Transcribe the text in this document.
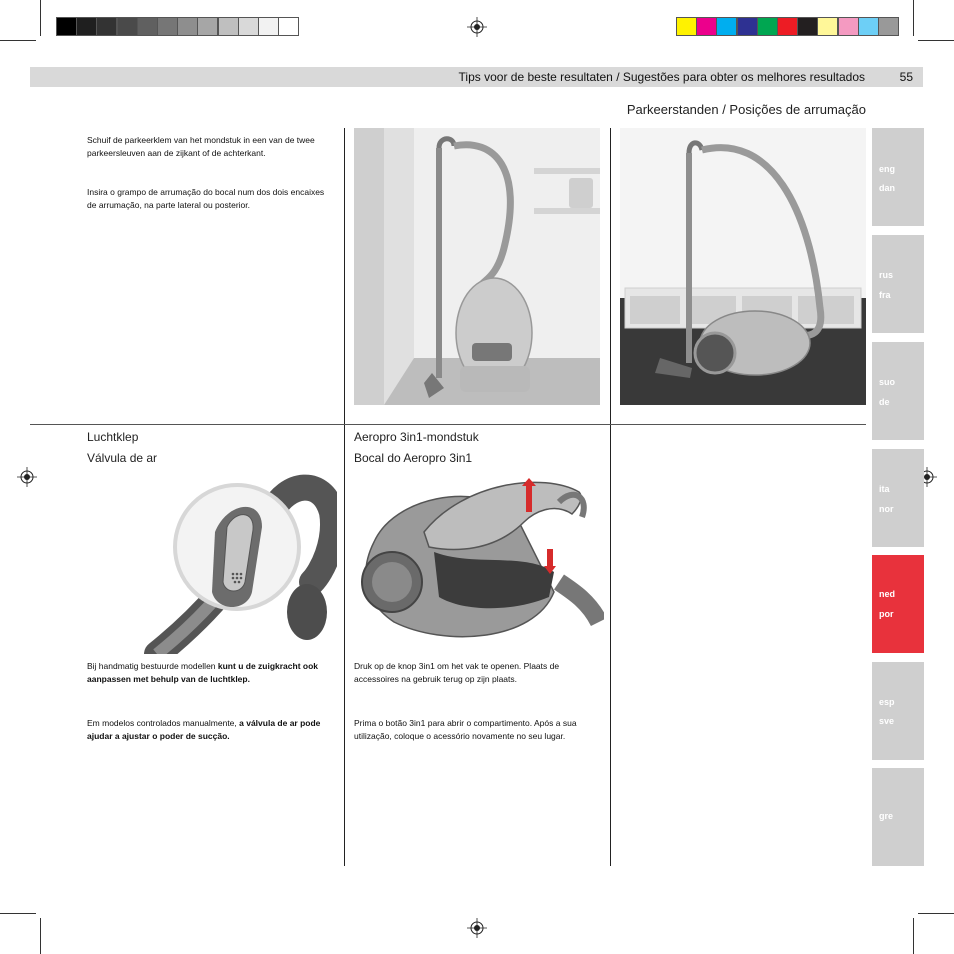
Tips voor de beste resultaten / Sugestões para obter os melhores resultados	55
Parkeerstanden / Posições de arrumação
eng
dan
rus
fra
suo
de
ita
nor
ned
por
esp
sve
gre
Schuif de parkeerklem van het mondstuk in een van de twee parkeersleuven aan de zijkant of de achterkant.
Insira o grampo de arrumação do bocal num dos dois encaixes de arrumação, na parte lateral ou posterior.
Luchtklep
Válvula de ar
Bij handmatig bestuurde modellen kunt u de zuigkracht ook aanpassen met behulp van de luchtklep.
Em modelos controlados manualmente, a válvula de ar pode ajudar a ajustar o poder de sucção.
Aeropro 3in1-mondstuk
Bocal do Aeropro 3in1
Druk op de knop 3in1 om het vak te openen. Plaats de accessoires na gebruik terug op zijn plaats.
Prima o botão 3in1 para abrir o compartimento. Após a sua utilização, coloque o acessório novamente no seu lugar.
